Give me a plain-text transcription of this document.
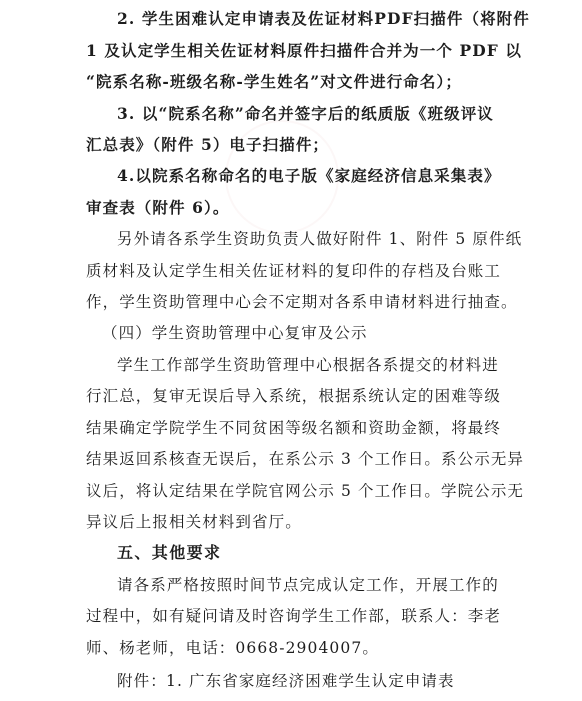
2. 学生困难认定申请表及佐证材料PDF扫描件（将附件
1 及认定学生相关佐证材料原件扫描件合并为一个 PDF 以
“院系名称-班级名称-学生姓名”对文件进行命名）；
3. 以“院系名称”命名并签字后的纸质版《班级评议
汇总表》（附件 5）电子扫描件；
4.以院系名称命名的电子版《家庭经济信息采集表》
审查表（附件 6）。
另外请各系学生资助负责人做好附件 1、附件 5 原件纸
质材料及认定学生相关佐证材料的复印件的存档及台账工
作，学生资助管理中心会不定期对各系申请材料进行抽查。
（四）学生资助管理中心复审及公示
学生工作部学生资助管理中心根据各系提交的材料进
行汇总，复审无误后导入系统，根据系统认定的困难等级
结果确定学院学生不同贫困等级名额和资助金额，将最终
结果返回系核查无误后，在系公示 3 个工作日。系公示无异
议后，将认定结果在学院官网公示 5 个工作日。学院公示无
异议后上报相关材料到省厅。
五、其他要求
请各系严格按照时间节点完成认定工作，开展工作的
过程中，如有疑问请及时咨询学生工作部，联系人：李老
师、杨老师，电话：0668-2904007。
附件： 1. 广东省家庭经济困难学生认定申请表
